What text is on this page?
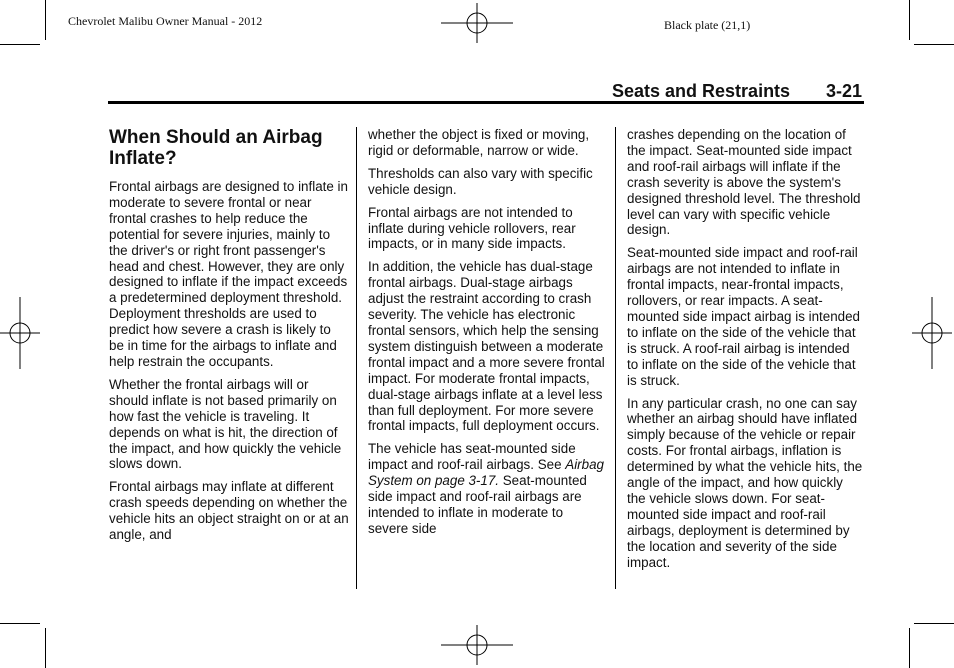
Chevrolet Malibu Owner Manual - 2012	Black plate (21,1)
Seats and Restraints 3-21
When Should an Airbag
Inflate?

Frontal airbags are designed to inflate in moderate to severe frontal or near frontal crashes to help reduce the potential for severe injuries, mainly to the driver's or right front passenger's head and chest. However, they are only designed to inflate if the impact exceeds a predetermined deployment threshold. Deployment thresholds are used to predict how severe a crash is likely to be in time for the airbags to inflate and help restrain the occupants.

Whether the frontal airbags will or should inflate is not based primarily on how fast the vehicle is traveling. It depends on what is hit, the direction of the impact, and how quickly the vehicle slows down.

Frontal airbags may inflate at different crash speeds depending on whether the vehicle hits an object straight on or at an angle, and

whether the object is fixed or moving, rigid or deformable, narrow or wide.

Thresholds can also vary with specific vehicle design.

Frontal airbags are not intended to inflate during vehicle rollovers, rear impacts, or in many side impacts.

In addition, the vehicle has dual-stage frontal airbags. Dual-stage airbags adjust the restraint according to crash severity. The vehicle has electronic frontal sensors, which help the sensing system distinguish between a moderate frontal impact and a more severe frontal impact. For moderate frontal impacts, dual-stage airbags inflate at a level less than full deployment. For more severe frontal impacts, full deployment occurs.

The vehicle has seat-mounted side impact and roof-rail airbags. See Airbag System on page 3-17. Seat-mounted side impact and roof-rail airbags are intended to inflate in moderate to severe side

crashes depending on the location of the impact. Seat-mounted side impact and roof-rail airbags will inflate if the crash severity is above the system's designed threshold level. The threshold level can vary with specific vehicle design.

Seat-mounted side impact and roof-rail airbags are not intended to inflate in frontal impacts, near-frontal impacts, rollovers, or rear impacts. A seat-mounted side impact airbag is intended to inflate on the side of the vehicle that is struck. A roof-rail airbag is intended to inflate on the side of the vehicle that is struck.

In any particular crash, no one can say whether an airbag should have inflated simply because of the vehicle or repair costs. For frontal airbags, inflation is determined by what the vehicle hits, the angle of the impact, and how quickly the vehicle slows down. For seat-mounted side impact and roof-rail airbags, deployment is determined by the location and severity of the side impact.
